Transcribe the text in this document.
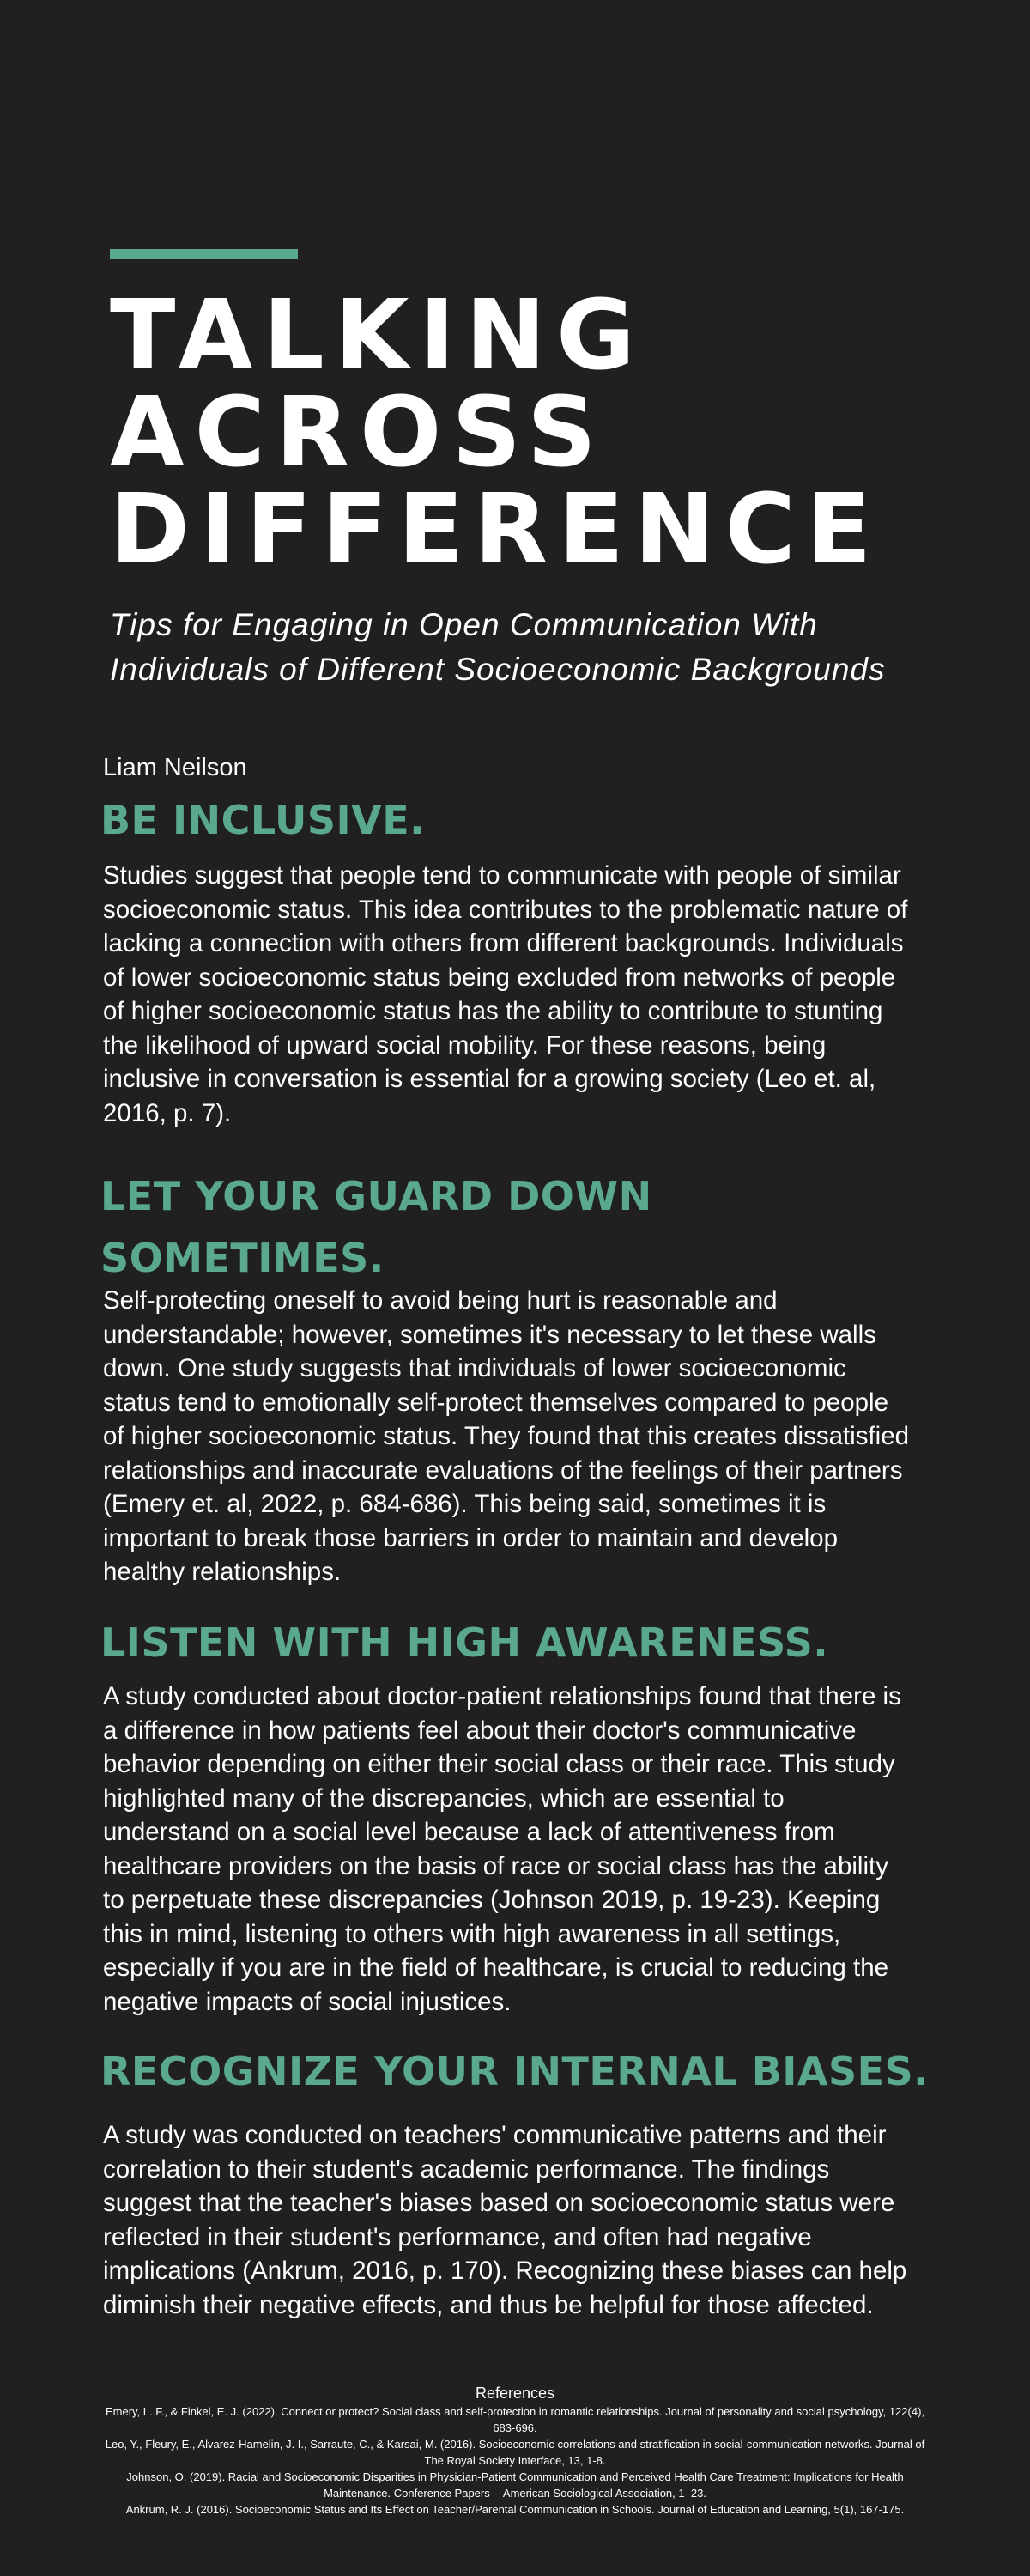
TALKING
ACROSS
DIFFERENCE

Tips for Engaging in Open Communication With Individuals of Different Socioeconomic Backgrounds

Liam Neilson
BE INCLUSIVE.

Studies suggest that people tend to communicate with people of similar socioeconomic status. This idea contributes to the problematic nature of lacking a connection with others from different backgrounds. Individuals of lower socioeconomic status being excluded from networks of people of higher socioeconomic status has the ability to contribute to stunting the likelihood of upward social mobility. For these reasons, being inclusive in conversation is essential for a growing society (Leo et. al, 2016, p. 7).

LET YOUR GUARD DOWN
SOMETIMES.

Self-protecting oneself to avoid being hurt is reasonable and understandable; however, sometimes it's necessary to let these walls down. One study suggests that individuals of lower socioeconomic status tend to emotionally self-protect themselves compared to people of higher socioeconomic status. They found that this creates dissatisfied relationships and inaccurate evaluations of the feelings of their partners (Emery et. al, 2022, p. 684-686). This being said, sometimes it is important to break those barriers in order to maintain and develop healthy relationships.

LISTEN WITH HIGH AWARENESS.

A study conducted about doctor-patient relationships found that there is a difference in how patients feel about their doctor's communicative behavior depending on either their social class or their race. This study highlighted many of the discrepancies, which are essential to understand on a social level because a lack of attentiveness from healthcare providers on the basis of race or social class has the ability to perpetuate these discrepancies (Johnson 2019, p. 19-23). Keeping this in mind, listening to others with high awareness in all settings, especially if you are in the field of healthcare, is crucial to reducing the negative impacts of social injustices.

RECOGNIZE YOUR INTERNAL BIASES.

A study was conducted on teachers' communicative patterns and their correlation to their student's academic performance. The findings suggest that the teacher's biases based on socioeconomic status were reflected in their student's performance, and often had negative implications (Ankrum, 2016, p. 170). Recognizing these biases can help diminish their negative effects, and thus be helpful for those affected.

References

Emery, L. F., & Finkel, E. J. (2022). Connect or protect? Social class and self-protection in romantic relationships. Journal of personality and social psychology, 122(4), 683-696.

Leo, Y., Fleury, E., Alvarez-Hamelin, J. I., Sarraute, C., & Karsai, M. (2016). Socioeconomic correlations and stratification in social-communication networks. Journal of The Royal Society Interface, 13, 1-8.

Johnson, O. (2019). Racial and Socioeconomic Disparities in Physician-Patient Communication and Perceived Health Care Treatment: Implications for Health Maintenance. Conference Papers -- American Sociological Association, 1–23.

Ankrum, R. J. (2016). Socioeconomic Status and Its Effect on Teacher/Parental Communication in Schools. Journal of Education and Learning, 5(1), 167-175.
